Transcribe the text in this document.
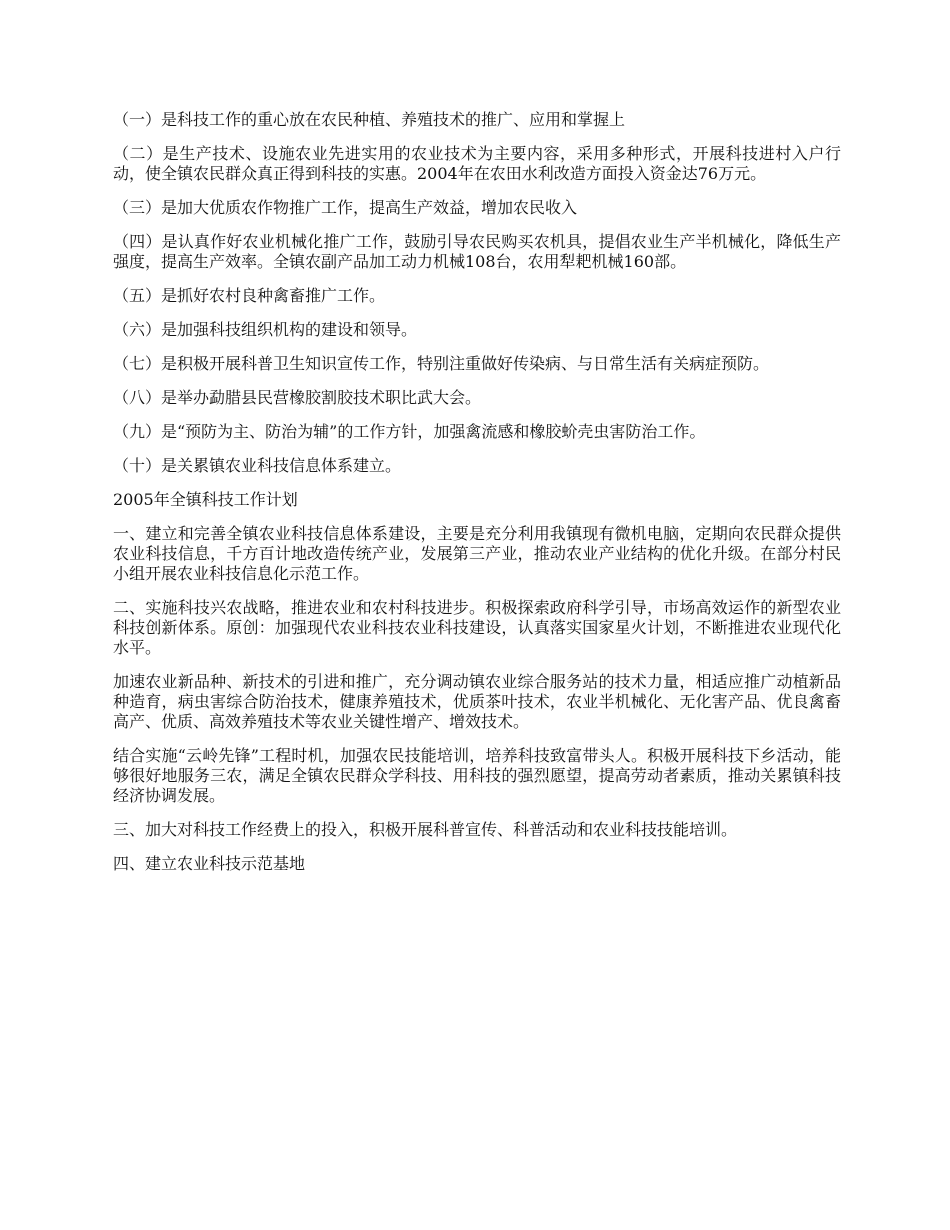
（一）是科技工作的重心放在农民种植、养殖技术的推广、应用和掌握上

（二）是生产技术、设施农业先进实用的农业技术为主要内容，采用多种形式，开展科技进村入户行动，使全镇农民群众真正得到科技的实惠。2004年在农田水利改造方面投入资金达76万元。

（三）是加大优质农作物推广工作，提高生产效益，增加农民收入

（四）是认真作好农业机械化推广工作，鼓励引导农民购买农机具，提倡农业生产半机械化，降低生产强度，提高生产效率。全镇农副产品加工动力机械108台，农用犁耙机械160部。

（五）是抓好农村良种禽畜推广工作。

（六）是加强科技组织机构的建设和领导。

（七）是积极开展科普卫生知识宣传工作，特别注重做好传染病、与日常生活有关病症预防。

（八）是举办勐腊县民营橡胶割胶技术职比武大会。

（九）是“预防为主、防治为辅”的工作方针，加强禽流感和橡胶蚧壳虫害防治工作。

（十）是关累镇农业科技信息体系建立。

2005年全镇科技工作计划

一、建立和完善全镇农业科技信息体系建设，主要是充分利用我镇现有微机电脑，定期向农民群众提供农业科技信息，千方百计地改造传统产业，发展第三产业，推动农业产业结构的优化升级。在部分村民小组开展农业科技信息化示范工作。

二、实施科技兴农战略，推进农业和农村科技进步。积极探索政府科学引导，市场高效运作的新型农业科技创新体系。原创：加强现代农业科技农业科技建设，认真落实国家星火计划，不断推进农业现代化水平。

加速农业新品种、新技术的引进和推广，充分调动镇农业综合服务站的技术力量，相适应推广动植新品种造育，病虫害综合防治技术，健康养殖技术，优质茶叶技术，农业半机械化、无化害产品、优良禽畜高产、优质、高效养殖技术等农业关键性增产、增效技术。

结合实施“云岭先锋”工程时机，加强农民技能培训，培养科技致富带头人。积极开展科技下乡活动，能够很好地服务三农，满足全镇农民群众学科技、用科技的强烈愿望，提高劳动者素质，推动关累镇科技经济协调发展。

三、加大对科技工作经费上的投入，积极开展科普宣传、科普活动和农业科技技能培训。

四、建立农业科技示范基地
